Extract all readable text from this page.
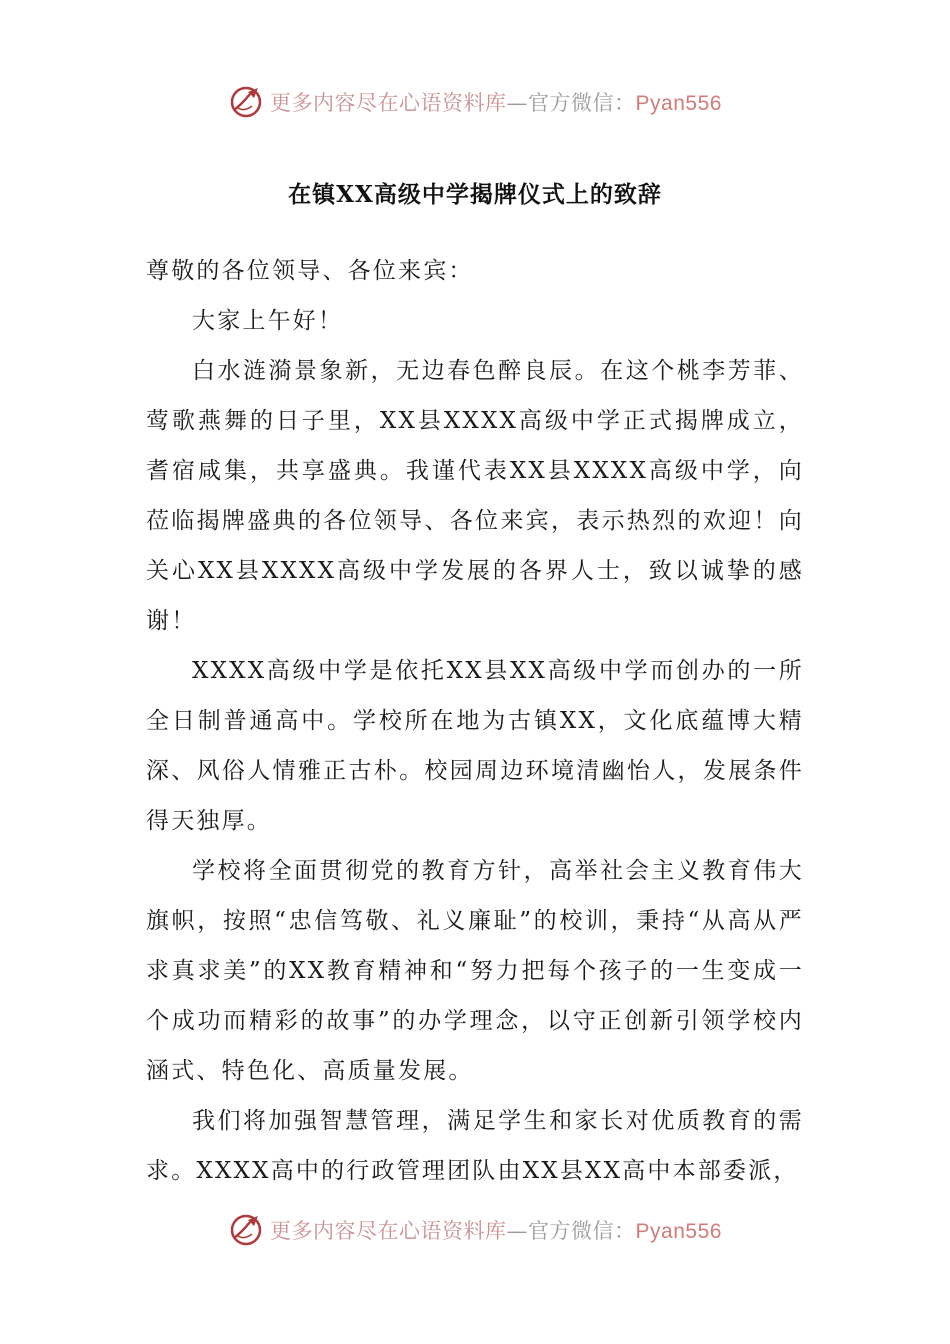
更多内容尽在心语资料库—官方微信：Pyan556
在镇XX高级中学揭牌仪式上的致辞

尊敬的各位领导、各位来宾：

大家上午好！

白水涟漪景象新，无边春色醉良辰。在这个桃李芳菲、莺歌燕舞的日子里，XX县XXXX高级中学正式揭牌成立，耆宿咸集，共享盛典。我谨代表XX县XXXX高级中学，向莅临揭牌盛典的各位领导、各位来宾，表示热烈的欢迎！向关心XX县XXXX高级中学发展的各界人士，致以诚挚的感谢！

XXXX高级中学是依托XX县XX高级中学而创办的一所全日制普通高中。学校所在地为古镇XX，文化底蕴博大精深、风俗人情雅正古朴。校园周边环境清幽怡人，发展条件得天独厚。

学校将全面贯彻党的教育方针，高举社会主义教育伟大旗帜，按照“忠信笃敬、礼义廉耻”的校训，秉持“从高从严求真求美”的XX教育精神和“努力把每个孩子的一生变成一个成功而精彩的故事”的办学理念，以守正创新引领学校内涵式、特色化、高质量发展。

我们将加强智慧管理，满足学生和家长对优质教育的需求。XXXX高中的行政管理团队由XX县XX高中本部委派，

更多内容尽在心语资料库—官方微信：Pyan556
